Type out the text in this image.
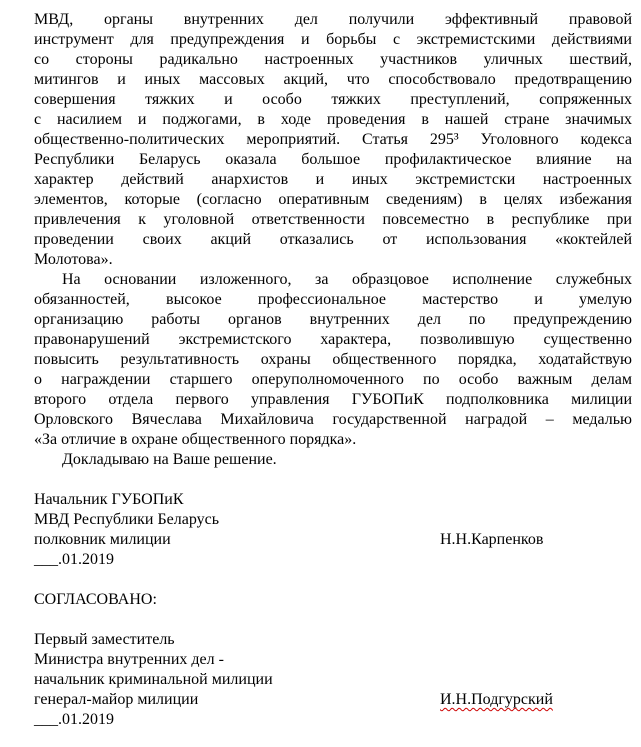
МВД, органы внутренних дел получили эффективный правовой
инструмент для предупреждения и борьбы с экстремистскими действиями
со стороны радикально настроенных участников уличных шествий,
митингов и иных массовых акций, что способствовало предотвращению
совершения тяжких и особо тяжких преступлений, сопряженных
с насилием и поджогами, в ходе проведения в нашей стране значимых
общественно-политических мероприятий. Статья 295³ Уголовного кодекса
Республики Беларусь оказала большое профилактическое влияние на
характер действий анархистов и иных экстремистски настроенных
элементов, которые (согласно оперативным сведениям) в целях избежания
привлечения к уголовной ответственности повсеместно в республике при
проведении своих акций отказались от использования «коктейлей
Молотова».
На основании изложенного, за образцовое исполнение служебных
обязанностей, высокое профессиональное мастерство и умелую
организацию работы органов внутренних дел по предупреждению
правонарушений экстремистского характера, позволившую существенно
повысить результативность охраны общественного порядка, ходатайствую
о награждении старшего оперуполномоченного по особо важным делам
второго отдела первого управления ГУБОПиК подполковника милиции
Орловского Вячеслава Михайловича государственной наградой – медалью
«За отличие в охране общественного порядка».
Докладываю на Ваше решение.
Начальник ГУБОПиК
МВД Республики Беларусь
полковник милиции	Н.Н.Карпенков
___.01.2019
СОГЛАСОВАНО:
Первый заместитель
Министра внутренних дел -
начальник криминальной милиции
генерал-майор милиции	И.Н.Подгурский
___.01.2019
